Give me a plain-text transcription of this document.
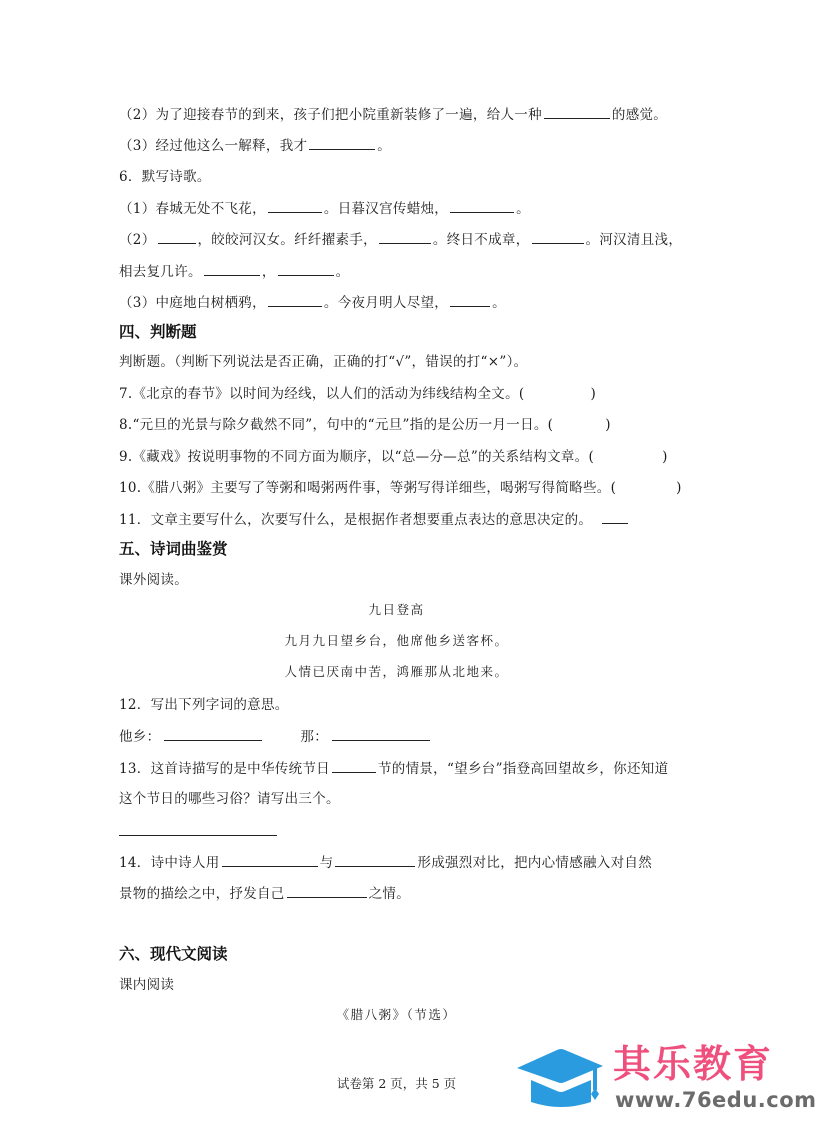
（2）为了迎接春节的到来，孩子们把小院重新装修了一遍，给人一种	的感觉。
（3）经过他这么一解释，我才	。
6．默写诗歌。
（1）春城无处不飞花，	。日暮汉宫传蜡烛，	。
（2）	，皎皎河汉女。纤纤擢素手，	。终日不成章，	。河汉清且浅，
相去复几许。	，	。
（3）中庭地白树栖鸦，	。今夜月明人尽望，	。
四、判断题
判断题。（判断下列说法是否正确，正确的打“√”，错误的打“×”）。
7.《北京的春节》以时间为经线，以人们的活动为纬线结构全文。(	)
8.“元旦的光景与除夕截然不同”，句中的“元旦”指的是公历一月一日。(	)
9.《藏戏》按说明事物的不同方面为顺序，以“总—分—总”的关系结构文章。(	)
10.《腊八粥》主要写了等粥和喝粥两件事，等粥写得详细些，喝粥写得简略些。(	)
11．文章主要写什么，次要写什么，是根据作者想要重点表达的意思决定的。
五、诗词曲鉴赏
课外阅读。
九日登高
九月九日望乡台，他席他乡送客杯。
人情已厌南中苦，鸿雁那从北地来。
12．写出下列字词的意思。
他乡：	那：
13．这首诗描写的是中华传统节日	节的情景，“望乡台”指登高回望故乡，你还知道
这个节日的哪些习俗？请写出三个。
14．诗中诗人用	与	形成强烈对比，把内心情感融入对自然
景物的描绘之中，抒发自己	之情。
六、现代文阅读
课内阅读
《腊八粥》（节选）
试卷第 2 页，共 5 页	其乐教育
www.76edu.com
